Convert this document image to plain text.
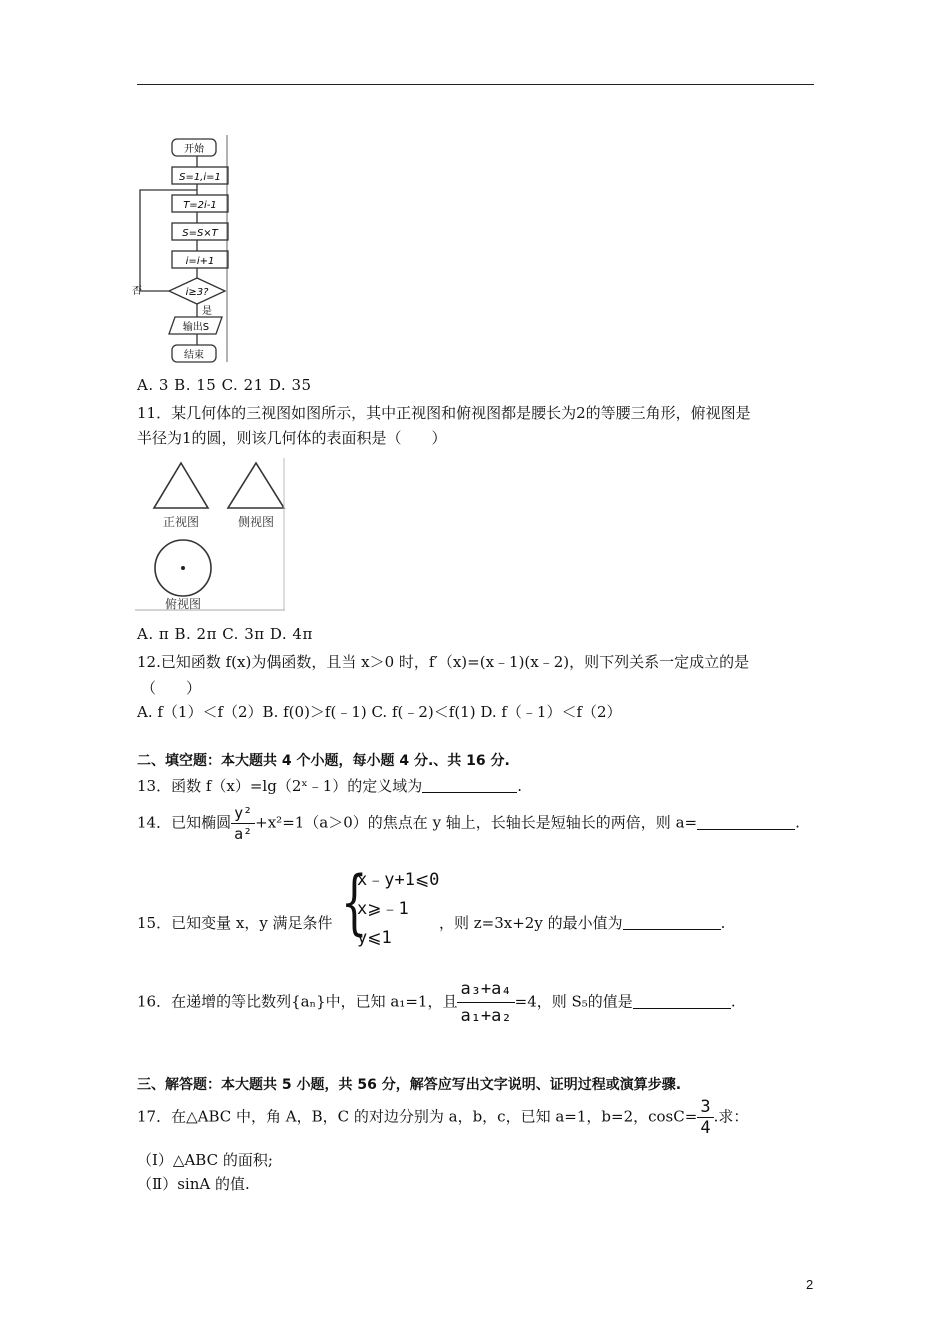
开始
S=1,i=1
T=2i-1
S=S×T
i=i+1
i≥3?
否
是
输出S
结束
A. 3 B. 15 C. 21 D. 35
11．某几何体的三视图如图所示，其中正视图和俯视图都是腰长为2的等腰三角形，俯视图是
半径为1的圆，则该几何体的表面积是（　　）
正视图	侧视图
俯视图
A. π B. 2π C. 3π D. 4π
12.已知函数 f(x)为偶函数，且当 x＞0 时，f′（x)=(x﹣1)(x﹣2)，则下列关系一定成立的是
（　　）
A. f（1）＜f（2）B. f(0)＞f(﹣1) C. f(﹣2)＜f(1) D. f（﹣1）＜f（2）
二、填空题：本大题共 4 个小题，每小题 4 分.、共 16 分.
13．函数 f（x）=lg（2ˣ﹣1）的定义域为	.
14．已知椭圆 $\frac{\text{y²}}{\text{a²}} +x^2=1(a>0)$的焦点在 y 轴上，长轴长是短轴长的两倍，则 a=	.
15．已知变量 x，y 满足条件 {
x﹣y+1⩽0
x⩾﹣1
y⩽1
，则 z=3x+2y 的最小值为	.
16．在递增的等比数列{aₙ}中，已知 a₁=1，且 $\frac{\text{a₃+a₄}}{\text{a₁+a₂}} =4$，则 S₅的值是	.
三、解答题：本大题共 5 小题，共 56 分，解答应写出文字说明、证明过程或演算步骤.
17．在△ABC 中，角 A，B，C 的对边分别为 a，b，c，已知 a=1，b=2，$\cos C= \frac{3}{4}$ .求：
（Ⅰ）△ABC 的面积;
（Ⅱ）sinA 的值.
2
